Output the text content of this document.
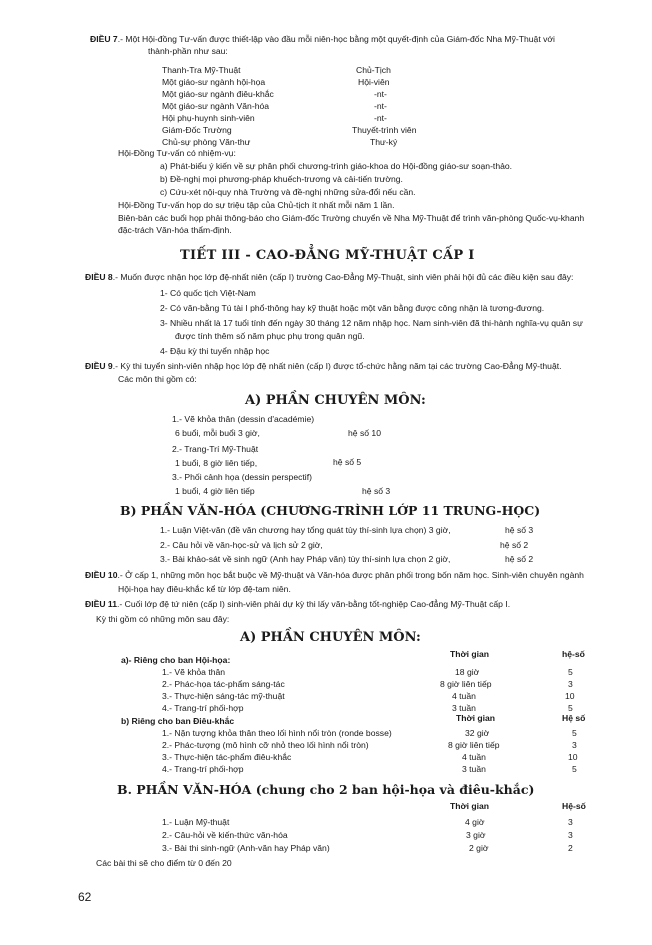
ĐIỀU 7.- Một Hội-đồng Tư-vấn được thiết-lập vào đầu mỗi niên-học bằng một quyết-định của Giám-đốc Nha Mỹ-Thuật với
thành-phần như sau:
Thanh-Tra Mỹ-Thuật	Chủ-Tịch
Một giáo-sư ngành hội-họa	Hội-viên
Một giáo-sư ngành điêu-khắc	-nt-
Một giáo-sư ngành Văn-hóa	-nt-
Hội phụ-huynh sinh-viên	-nt-
Giám-Đốc Trường	Thuyết-trình viên
Chủ-sự phòng Văn-thư	Thư-ký
Hội-Đồng Tư-vấn có nhiệm-vụ:
a) Phát-biểu ý kiến về sự phân phối chương-trình giáo-khoa do Hội-đồng giáo-sư soạn-thảo.
b) Đề-nghị mọi phương-pháp khuếch-trương và cải-tiến trường.
c) Cứu-xét nội-quy nhà Trường và đề-nghị những sửa-đổi nếu cần.
Hội-Đồng Tư-vấn họp do sự triệu tập của Chủ-tịch ít nhất mỗi năm 1 lần.
Biên-bản các buổi họp phải thông-báo cho Giám-đốc Trường chuyển về Nha Mỹ-Thuật để trình văn-phòng Quốc-vụ-khanh
đặc-trách Văn-hóa thẩm-định.
TIẾT III - CAO-ĐẲNG MỸ-THUẬT CẤP I
ĐIỀU 8.- Muốn được nhận học lớp đệ-nhất niên (cấp I) trường Cao-Đẳng Mỹ-Thuật, sinh viên phải hội đủ các điều kiện sau đây:
1- Có quốc tịch Việt-Nam
2- Có văn-bằng Tú tài I phổ-thông hay kỹ thuật hoặc một văn bằng được công nhận là tương-đương.
3- Nhiều nhất là 17 tuổi tính đến ngày 30 tháng 12 năm nhập học. Nam sinh-viên đã thi-hành nghĩa-vụ quân sự
được tính thêm số năm phục phụ trong quân ngũ.
4- Đậu kỳ thi tuyển nhập học
ĐIỀU 9.- Kỳ thi tuyển sinh-viên nhập học lớp đệ nhất niên (cấp I) được tổ-chức hằng năm tại các trường Cao-Đẳng Mỹ-thuật.
Các môn thi gồm có:
A) PHẦN CHUYÊN MÔN:
1.- Vẽ khỏa thân (dessin d'académie)
6 buổi, mỗi buổi 3 giờ,	hệ số 10
2.- Trang-Trí Mỹ-Thuật
1 buổi, 8 giờ liên tiếp,	hệ số 5
3.- Phối cảnh họa (dessin perspectif)
1 buổi, 4 giờ liên tiếp	hệ số 3
B) PHẦN VĂN-HÓA (CHƯƠNG-TRÌNH LỚP 11 TRUNG-HỌC)
1.- Luận Việt-văn (đề văn chương hay tổng quát tùy thí-sinh lựa chọn) 3 giờ,	hệ số 3
2.- Câu hỏi về văn-học-sử và lịch sử 2 giờ,	hệ số 2
3.- Bài khảo-sát về sinh ngữ (Anh hay Pháp văn) tùy thí-sinh lựa chọn 2 giờ,	hệ số 2
ĐIỀU 10.- Ở cấp 1, những môn học bắt buộc về Mỹ-thuật và Văn-hóa được phân phối trong bốn năm học. Sinh-viên chuyên ngành
Hội-họa hay điêu-khắc kể từ lớp đệ-tam niên.
ĐIỀU 11.- Cuối lớp đệ tứ niên (cấp I) sinh-viên phải dự kỳ thi lấy văn-bằng tốt-nghiệp Cao-đẳng Mỹ-Thuật cấp I.
Kỳ thi gồm có những môn sau đây:
A) PHẦN CHUYÊN MÔN:
Thời gian	hệ-số
a)- Riêng cho ban Hội-họa:
1.- Vẽ khỏa thân	18 giờ	5
2.- Phác-họa tác-phẩm sáng-tác	8 giờ liên tiếp	3
3.- Thực-hiện sáng-tác mỹ-thuật	4 tuần	10
4.- Trang-trí phối-hợp	3 tuần	5
b) Riêng cho ban Điêu-khắc	Thời gian	Hệ số
1.- Nặn tượng khỏa thân theo lối hình nổi tròn (ronde bosse)	32 giờ	5
2.- Phác-tượng (mô hình cỡ nhỏ theo lối hình nổi tròn)	8 giờ liên tiếp	3
3.- Thực-hiện tác-phẩm điêu-khắc	4 tuần	10
4.- Trang-trí phối-hợp	3 tuần	5
B. PHẦN VĂN-HÓA (chung cho 2 ban hội-họa và điêu-khắc)
Thời gian	Hệ-số
1.- Luận Mỹ-thuật	4 giờ	3
2.- Câu-hỏi về kiến-thức văn-hóa	3 giờ	3
3.- Bài thi sinh-ngữ (Anh-văn hay Pháp văn)	2 giờ	2
Các bài thi sẽ cho điểm từ 0 đến 20
62
